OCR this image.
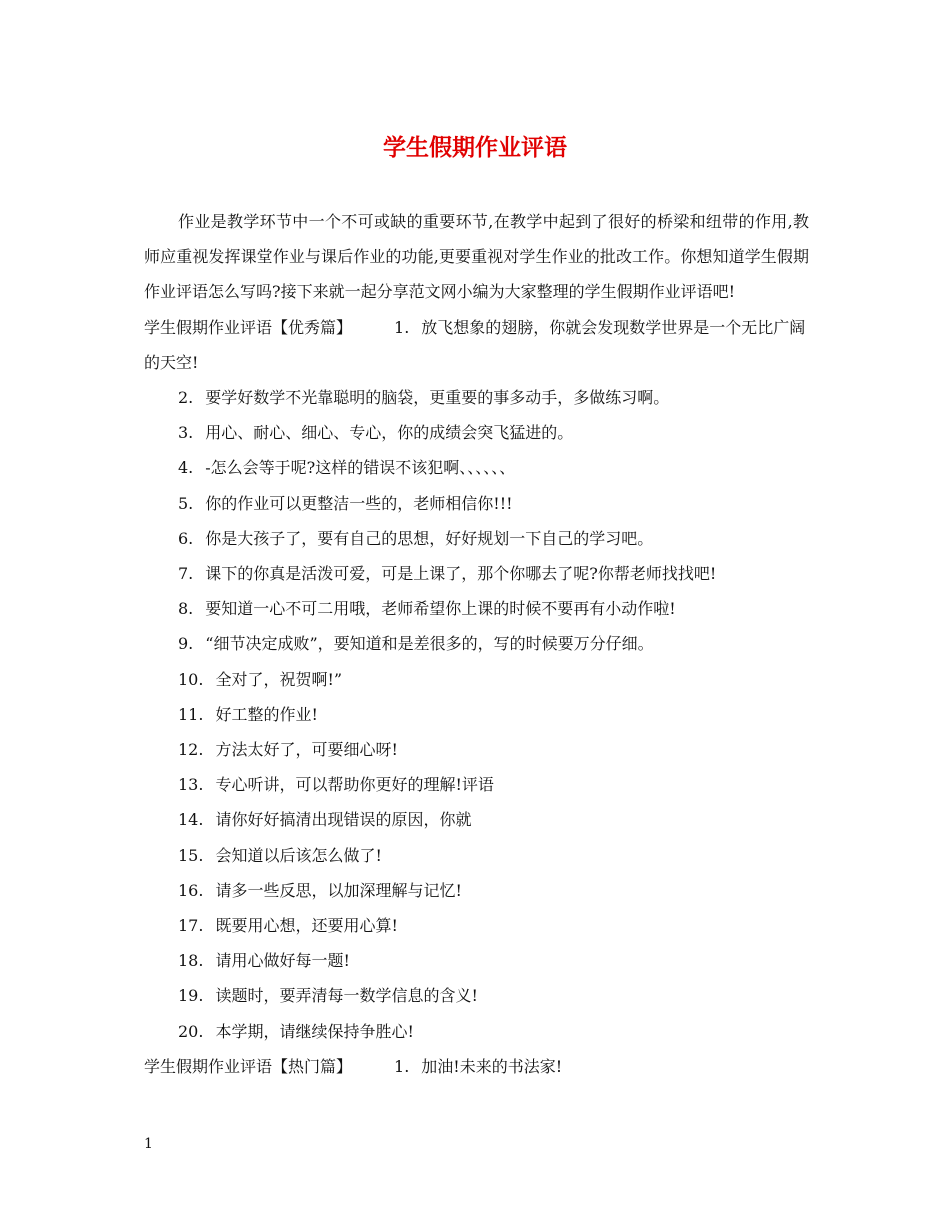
学生假期作业评语

作业是教学环节中一个不可或缺的重要环节,在教学中起到了很好的桥梁和纽带的作用,教师应重视发挥课堂作业与课后作业的功能,更要重视对学生作业的批改工作。你想知道学生假期作业评语怎么写吗?接下来就一起分享范文网小编为大家整理的学生假期作业评语吧!

学生假期作业评语【优秀篇】	1. 放飞想象的翅膀，你就会发现数学世界是一个无比广阔的天空!

2. 要学好数学不光靠聪明的脑袋，更重要的事多动手，多做练习啊。

3. 用心、耐心、细心、专心，你的成绩会突飞猛进的。

4. -怎么会等于呢?这样的错误不该犯啊、、、、、、

5. 你的作业可以更整洁一些的，老师相信你!!!

6. 你是大孩子了，要有自己的思想，好好规划一下自己的学习吧。

7. 课下的你真是活泼可爱，可是上课了，那个你哪去了呢?你帮老师找找吧!

8. 要知道一心不可二用哦，老师希望你上课的时候不要再有小动作啦!

9. “细节决定成败”，要知道和是差很多的，写的时候要万分仔细。

10. 全对了，祝贺啊!”

11. 好工整的作业!

12. 方法太好了，可要细心呀!

13. 专心听讲，可以帮助你更好的理解!评语

14. 请你好好搞清出现错误的原因，你就

15. 会知道以后该怎么做了!

16. 请多一些反思，以加深理解与记忆!

17. 既要用心想，还要用心算!

18. 请用心做好每一题!

19. 读题时，要弄清每一数学信息的含义!

20. 本学期，请继续保持争胜心!

学生假期作业评语【热门篇】	1. 加油!未来的书法家!

1
